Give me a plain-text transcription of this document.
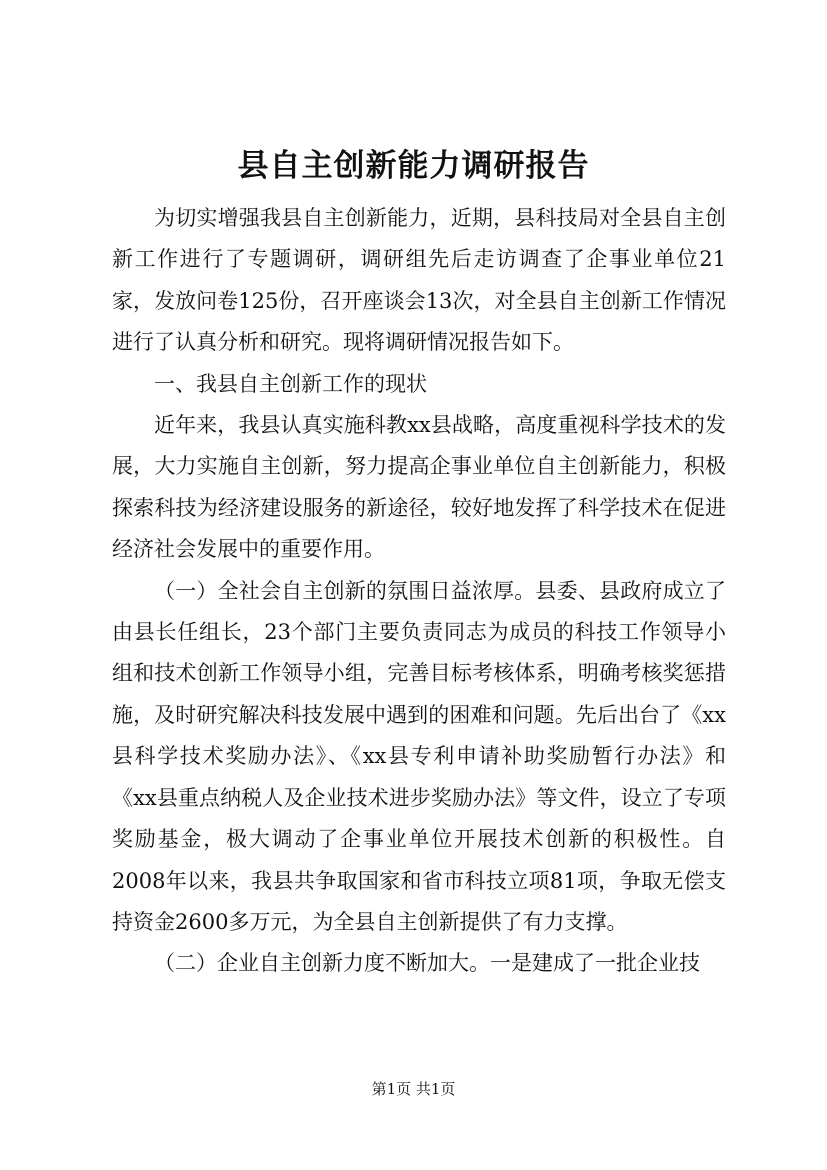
县自主创新能力调研报告

为切实增强我县自主创新能力，近期，县科技局对全县自主创新工作进行了专题调研，调研组先后走访调查了企事业单位21家，发放问卷125份，召开座谈会13次，对全县自主创新工作情况进行了认真分析和研究。现将调研情况报告如下。

一、我县自主创新工作的现状

近年来，我县认真实施科教xx县战略，高度重视科学技术的发展，大力实施自主创新，努力提高企事业单位自主创新能力，积极探索科技为经济建设服务的新途径，较好地发挥了科学技术在促进经济社会发展中的重要作用。

（一）全社会自主创新的氛围日益浓厚。县委、县政府成立了由县长任组长，23个部门主要负责同志为成员的科技工作领导小组和技术创新工作领导小组，完善目标考核体系，明确考核奖惩措施，及时研究解决科技发展中遇到的困难和问题。先后出台了《xx县科学技术奖励办法》、《xx县专利申请补助奖励暂行办法》和《xx县重点纳税人及企业技术进步奖励办法》等文件，设立了专项奖励基金，极大调动了企事业单位开展技术创新的积极性。自2008年以来，我县共争取国家和省市科技立项81项，争取无偿支持资金2600多万元，为全县自主创新提供了有力支撑。

（二）企业自主创新力度不断加大。一是建成了一批企业技

第1页 共1页
